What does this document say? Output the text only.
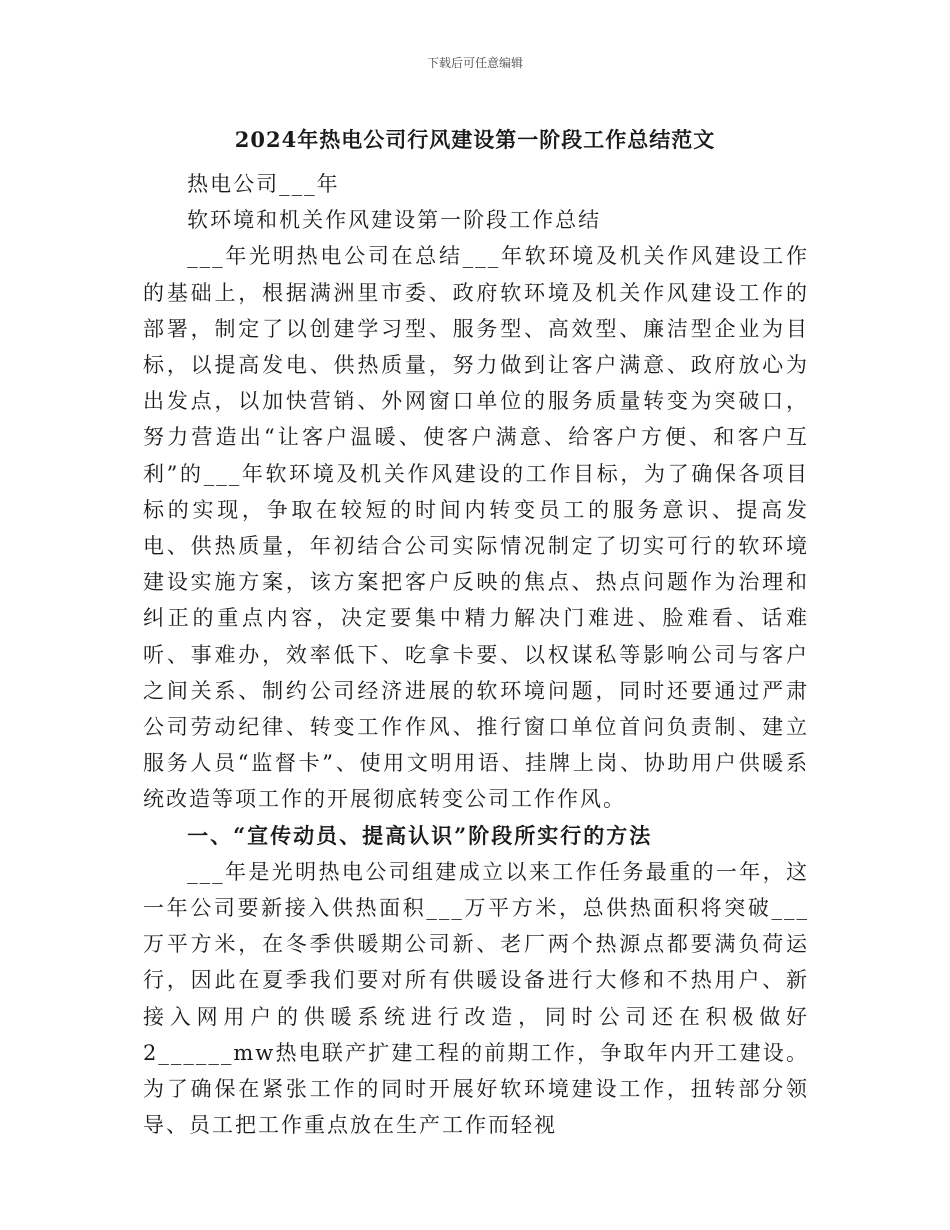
下载后可任意编辑
2024年热电公司行风建设第一阶段工作总结范文

热电公司___年

软环境和机关作风建设第一阶段工作总结

___年光明热电公司在总结___年软环境及机关作风建设工作的基础上，根据满洲里市委、政府软环境及机关作风建设工作的部署，制定了以创建学习型、服务型、高效型、廉洁型企业为目标，以提高发电、供热质量，努力做到让客户满意、政府放心为出发点，以加快营销、外网窗口单位的服务质量转变为突破口，努力营造出“让客户温暖、使客户满意、给客户方便、和客户互利”的___年软环境及机关作风建设的工作目标，为了确保各项目标的实现，争取在较短的时间内转变员工的服务意识、提高发电、供热质量，年初结合公司实际情况制定了切实可行的软环境建设实施方案，该方案把客户反映的焦点、热点问题作为治理和纠正的重点内容，决定要集中精力解决门难进、脸难看、话难听、事难办，效率低下、吃拿卡要、以权谋私等影响公司与客户之间关系、制约公司经济进展的软环境问题，同时还要通过严肃公司劳动纪律、转变工作作风、推行窗口单位首问负责制、建立服务人员“监督卡”、使用文明用语、挂牌上岗、协助用户供暖系统改造等项工作的开展彻底转变公司工作作风。

一、“宣传动员、提高认识”阶段所实行的方法

___年是光明热电公司组建成立以来工作任务最重的一年，这一年公司要新接入供热面积___万平方米，总供热面积将突破___万平方米，在冬季供暖期公司新、老厂两个热源点都要满负荷运行，因此在夏季我们要对所有供暖设备进行大修和不热用户、新接入网用户的供暖系统进行改造，同时公司还在积极做好2______mw热电联产扩建工程的前期工作，争取年内开工建设。为了确保在紧张工作的同时开展好软环境建设工作，扭转部分领导、员工把工作重点放在生产工作而轻视
